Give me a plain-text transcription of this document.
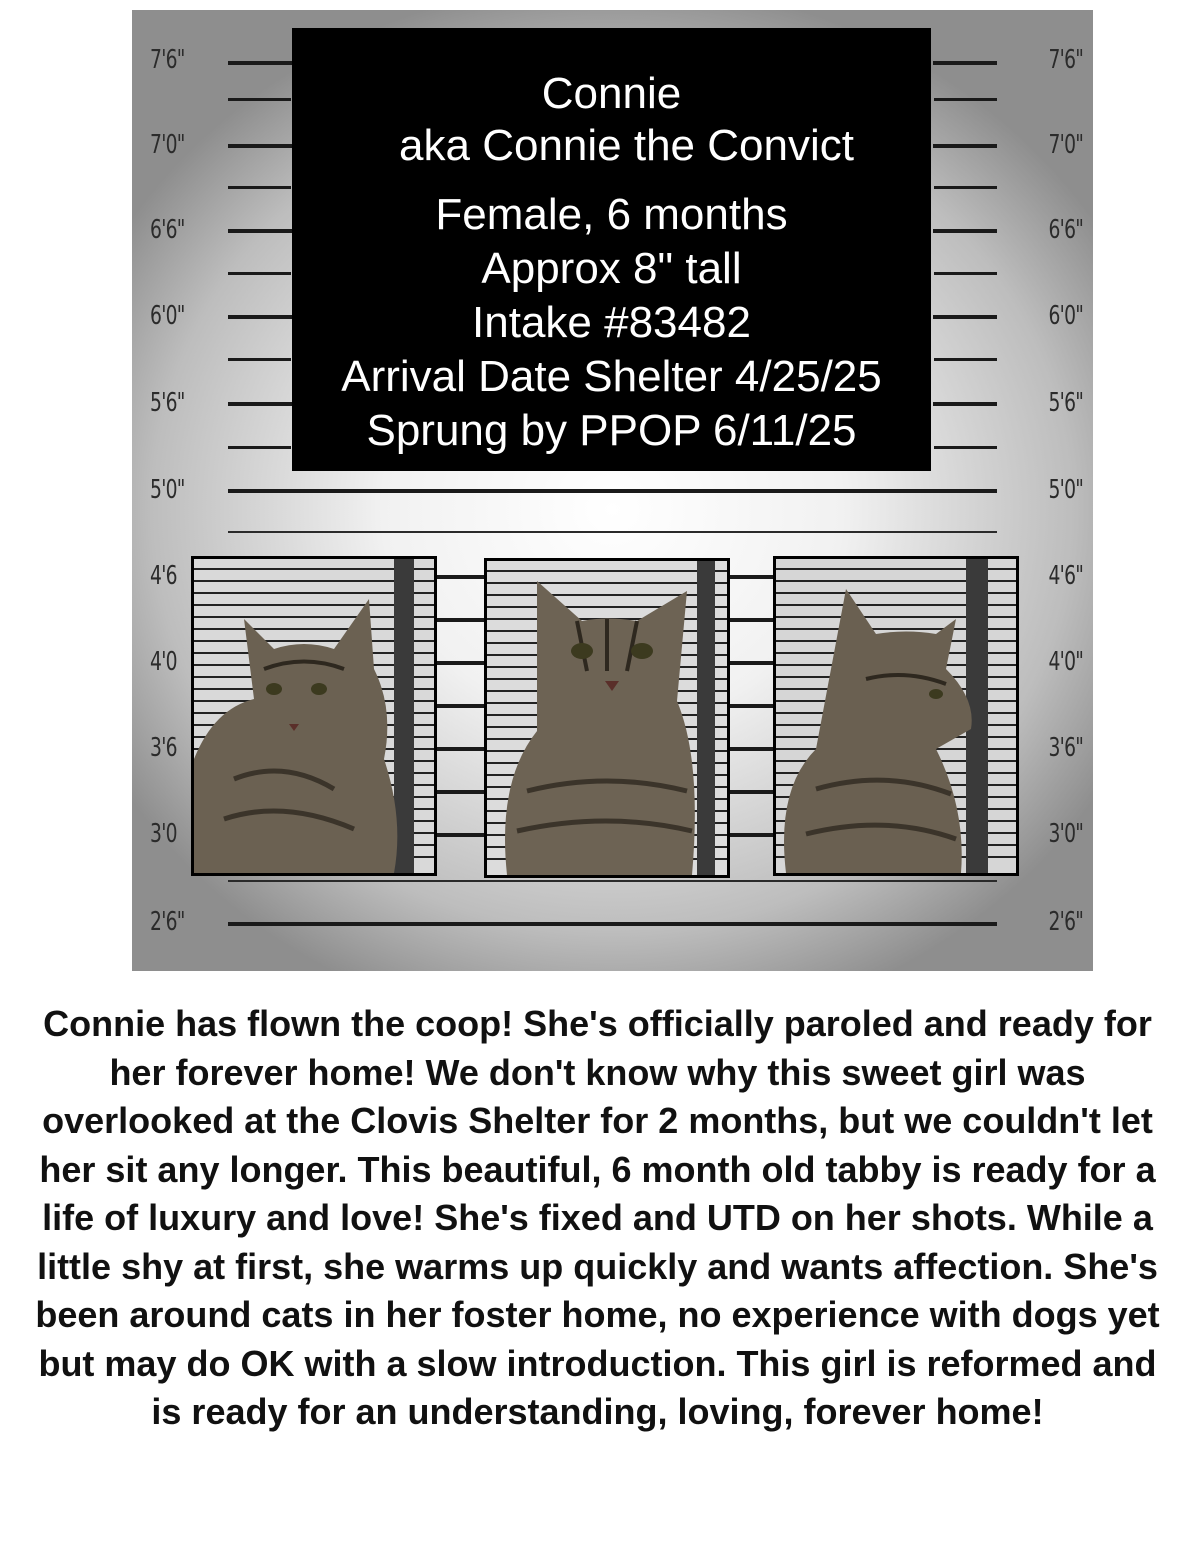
7'6"
7'0"
6'6"
6'0"
5'6"
5'0"
4'6
4'0
3'6
3'0
2'6"
7'6"
7'0"
6'6"
6'0"
5'6"
5'0"
4'6"
4'0"
3'6"
3'0"
2'6"
Connie
aka Connie the Convict
Female, 6 months
Approx 8" tall
Intake #83482
Arrival Date Shelter 4/25/25
Sprung by PPOP 6/11/25
Connie has flown the coop! She's officially paroled and ready for her forever home! We don't know why this sweet girl was overlooked at the Clovis Shelter for 2 months, but we couldn't let her sit any longer. This beautiful, 6 month old tabby is ready for a life of luxury and love! She's fixed and UTD on her shots. While a little shy at first, she warms up quickly and wants affection. She's been around cats in her foster home, no experience with dogs yet but may do OK with a slow introduction. This girl is reformed and is ready for an understanding, loving, forever home!
